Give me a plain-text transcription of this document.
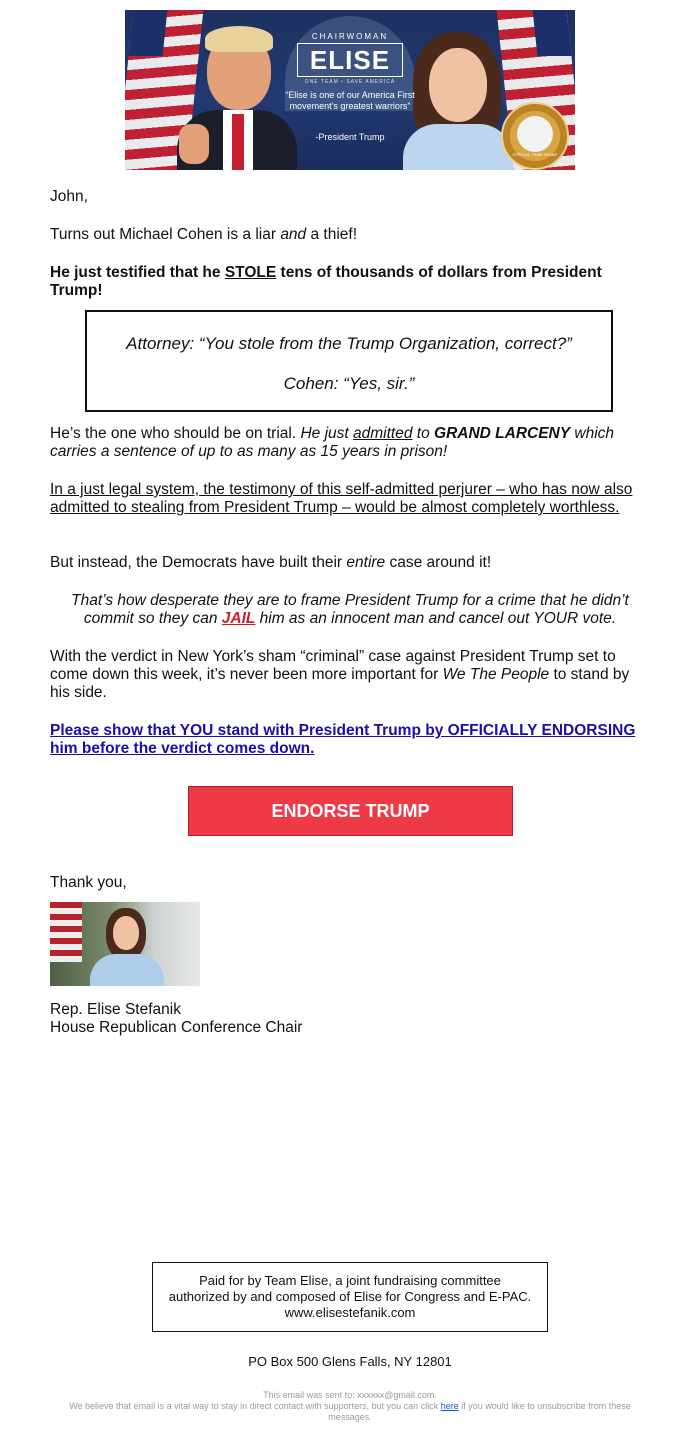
CHAIRWOMAN
ELISE
ONE TEAM • SAVE AMERICA
“Elise is one of our America First movement’s greatest warriors”
-President Trump
OFFICIAL TEAM TRUMP

John,

Turns out Michael Cohen is a liar and a thief!

He just testified that he STOLE tens of thousands of dollars from President Trump!

Attorney: “You stole from the Trump Organization, correct?”
Cohen: “Yes, sir.”

He’s the one who should be on trial. He just admitted to GRAND LARCENY which carries a sentence of up to as many as 15 years in prison!

In a just legal system, the testimony of this self-admitted perjurer – who has now also admitted to stealing from President Trump – would be almost completely worthless.

But instead, the Democrats have built their entire case around it!

That’s how desperate they are to frame President Trump for a crime that he didn’t commit so they can JAIL him as an innocent man and cancel out YOUR vote.

With the verdict in New York’s sham “criminal” case against President Trump set to come down this week, it’s never been more important for We The People to stand by his side.

Please show that YOU stand with President Trump by OFFICIALLY ENDORSING him before the verdict comes down.

ENDORSE TRUMP

Thank you,

Rep. Elise Stefanik

House Republican Conference Chair

Paid for by Team Elise, a joint fundraising committee authorized by and composed of Elise for Congress and E-PAC. www.elisestefanik.com
PO Box 500 Glens Falls, NY 12801
This email was sent to: xxxxxx@gmail.com.
We believe that email is a vital way to stay in direct contact with supporters, but you can click here if you would like to unsubscribe from these messages.
